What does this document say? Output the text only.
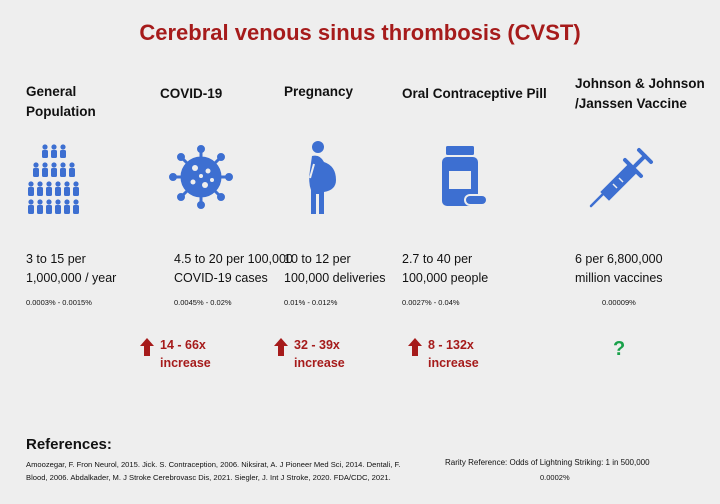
Cerebral venous sinus thrombosis (CVST)
General
Population
3 to 15 per
1,000,000 / year
0.0003% - 0.0015%
COVID-19
4.5 to 20 per 100,000
COVID-19 cases
0.0045% - 0.02%
14 - 66x
increase
Pregnancy
10 to 12 per
100,000 deliveries
0.01% - 0.012%
32 - 39x
increase
Oral Contraceptive Pill
2.7 to 40 per
100,000 people
0.0027% - 0.04%
8 - 132x
increase
Johnson & Johnson
/Janssen Vaccine
6 per 6,800,000
million vaccines
0.00009%
?
References:
Amoozegar, F. Fron Neurol, 2015. Jick. S. Contraception, 2006. Niksirat, A. J Pioneer Med Sci, 2014. Dentali, F. Blood, 2006. Abdalkader, M. J Stroke Cerebrovasc Dis, 2021. Siegler, J. Int J Stroke, 2020. FDA/CDC, 2021.
Rarity Reference: Odds of Lightning Striking: 1 in 500,000
0.0002%
